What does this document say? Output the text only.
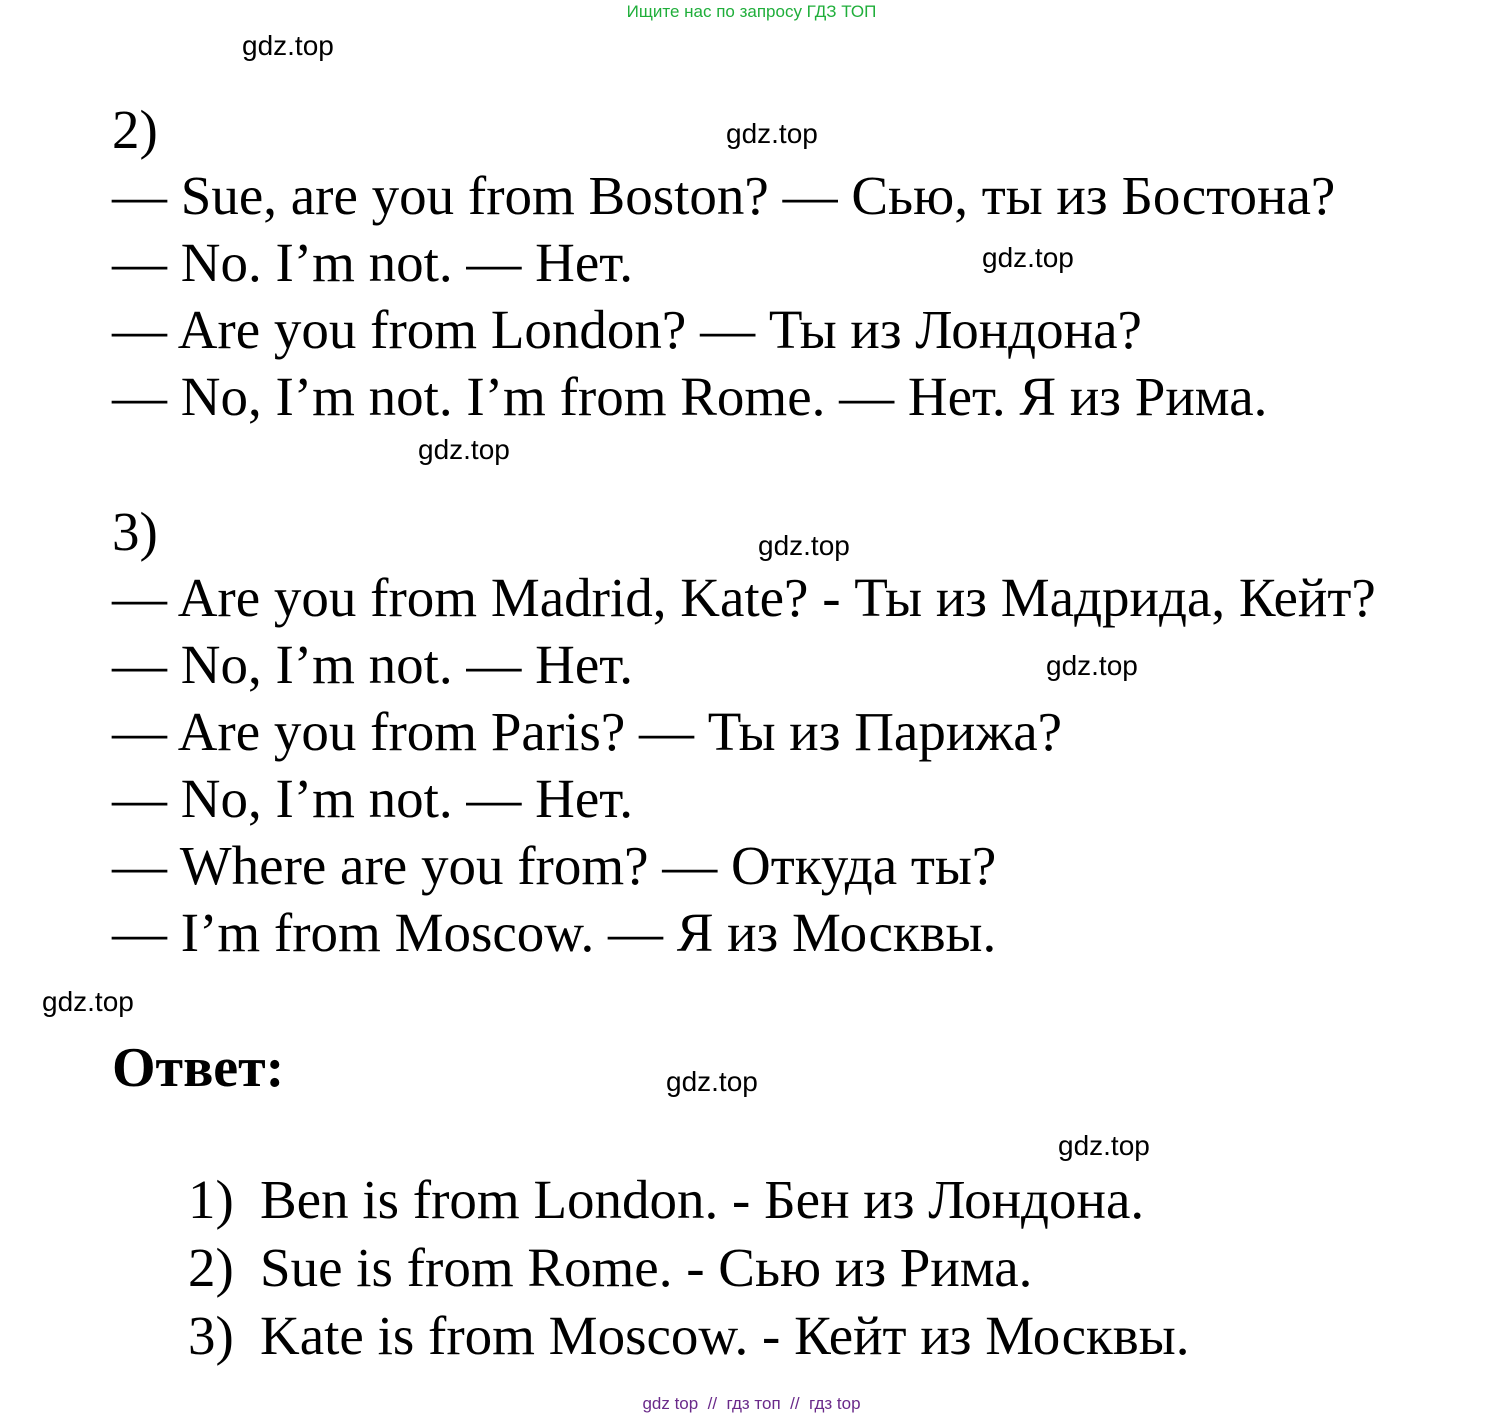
Ищите нас по запросу ГДЗ ТОП
gdz.top
gdz.top
gdz.top
gdz.top
gdz.top
gdz.top
gdz.top
gdz.top
gdz.top
2)
— Sue, are you from Boston? — Сью, ты из Бостона?
— No. I’m not. — Нет.
— Are you from London? — Ты из Лондона?
— No, I’m not. I’m from Rome. — Нет. Я из Рима.
3)
— Are you from Madrid, Kate? - Ты из Мадрида, Кейт?
— No, I’m not. — Нет.
— Are you from Paris? — Ты из Парижа?
— No, I’m not. — Нет.
— Where are you from? — Откуда ты?
— I’m from Moscow. — Я из Москвы.
Ответ:
1) Ben is from London. - Бен из Лондона.
2) Sue is from Rome. - Сью из Рима.
3) Kate is from Moscow. - Кейт из Москвы.
gdz top  //  гдз топ  //  гдз top
